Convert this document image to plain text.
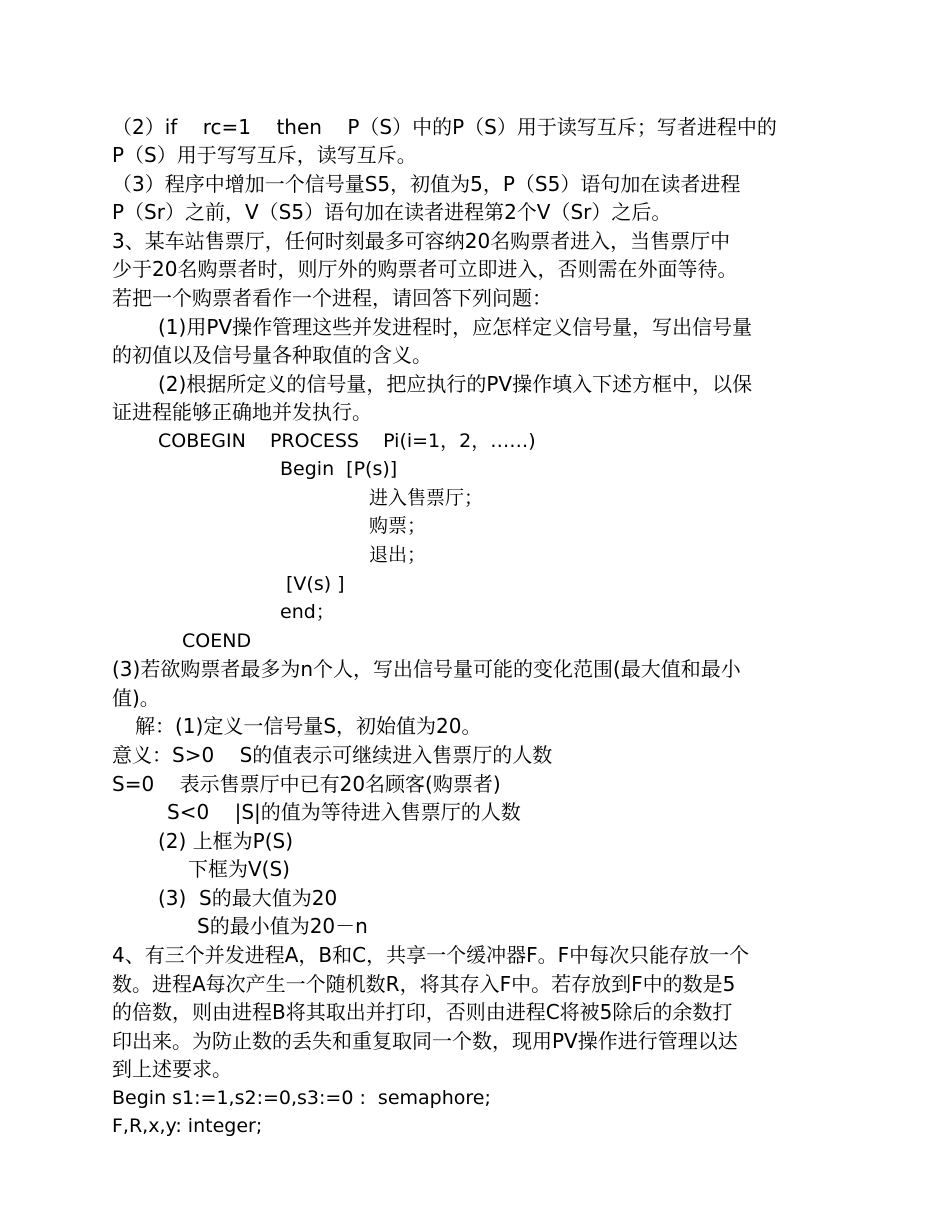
（2）if    rc=1    then    P（S）中的P（S）用于读写互斥；写者进程中的
P（S）用于写写互斥，读写互斥。
（3）程序中增加一个信号量S5，初值为5，P（S5）语句加在读者进程
P（Sr）之前，V（S5）语句加在读者进程第2个V（Sr）之后。
3、某车站售票厅，任何时刻最多可容纳20名购票者进入，当售票厅中
少于20名购票者时，则厅外的购票者可立即进入，否则需在外面等待。
若把一个购票者看作一个进程，请回答下列问题：
(1)用PV操作管理这些并发进程时，应怎样定义信号量，写出信号量
的初值以及信号量各种取值的含义。
(2)根据所定义的信号量，把应执行的PV操作填入下述方框中，以保
证进程能够正确地并发执行。
COBEGIN    PROCESS    Pi(i=1，2，……)
Begin  [P(s)]
进入售票厅；
购票；
退出；
[V(s) ]
end；
COEND
(3)若欲购票者最多为n个人，写出信号量可能的变化范围(最大值和最小
值)。
解：(1)定义一信号量S，初始值为20。
意义：S>0    S的值表示可继续进入售票厅的人数
S=0    表示售票厅中已有20名顾客(购票者)
S<0    |S|的值为等待进入售票厅的人数
(2) 上框为P(S)
下框为V(S)
(3)  S的最大值为20
S的最小值为20－n
4、有三个并发进程A，B和C，共享一个缓冲器F。F中每次只能存放一个
数。进程A每次产生一个随机数R，将其存入F中。若存放到F中的数是5
的倍数，则由进程B将其取出并打印，否则由进程C将被5除后的余数打
印出来。为防止数的丢失和重复取同一个数，现用PV操作进行管理以达
到上述要求。
Begin s1:=1,s2:=0,s3:=0 :  semaphore;
F,R,x,y: integer;
